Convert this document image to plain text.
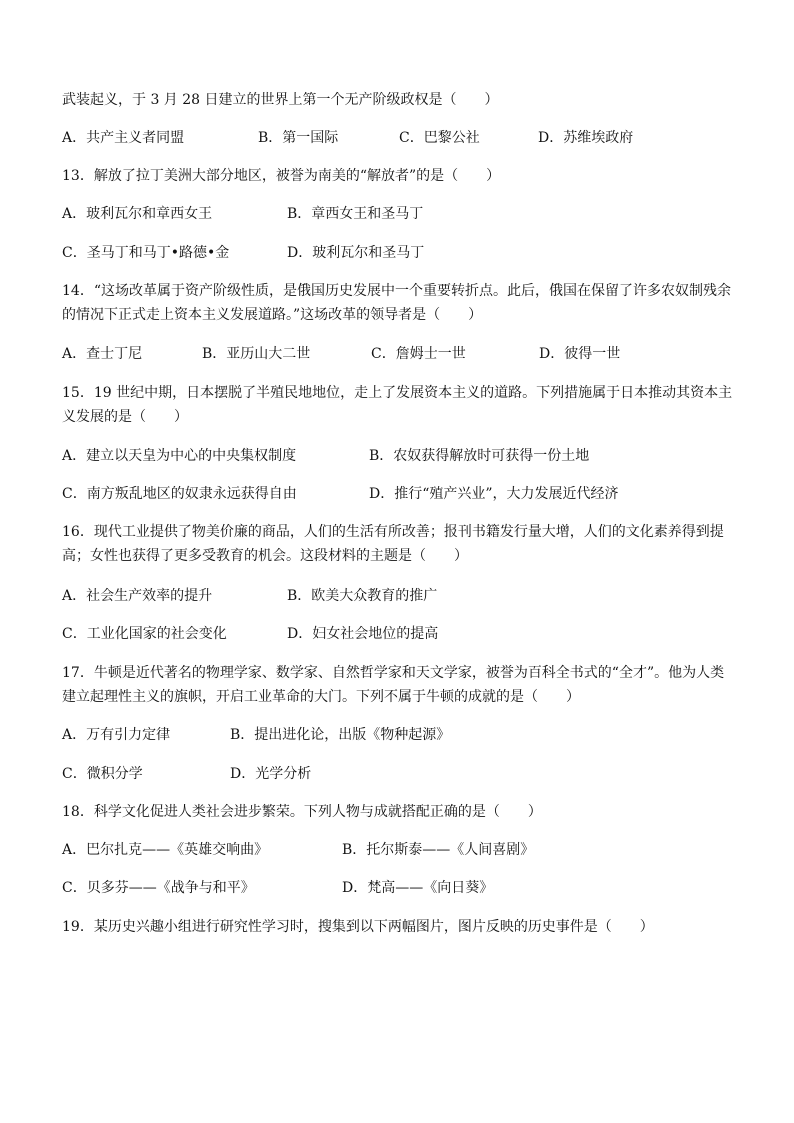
武装起义，于 3 月 28 日建立的世界上第一个无产阶级政权是（　　）
A．共产主义者同盟	B．第一国际	C．巴黎公社	D．苏维埃政府
13．解放了拉丁美洲大部分地区，被誉为南美的“解放者”的是（　　）
A．玻利瓦尔和章西女王	B．章西女王和圣马丁
C．圣马丁和马丁•路德•金	D．玻利瓦尔和圣马丁
14．“这场改革属于资产阶级性质，是俄国历史发展中一个重要转折点。此后，俄国在保留了许多农奴制残余
的情况下正式走上资本主义发展道路。”这场改革的领导者是（　　）
A．查士丁尼	B．亚历山大二世	C．詹姆士一世	D．彼得一世
15．19 世纪中期，日本摆脱了半殖民地地位，走上了发展资本主义的道路。下列措施属于日本推动其资本主
义发展的是（　　）
A．建立以天皇为中心的中央集权制度	B．农奴获得解放时可获得一份土地
C．南方叛乱地区的奴隶永远获得自由	D．推行“殖产兴业”，大力发展近代经济
16．现代工业提供了物美价廉的商品，人们的生活有所改善；报刊书籍发行量大增，人们的文化素养得到提
高；女性也获得了更多受教育的机会。这段材料的主题是（　　）
A．社会生产效率的提升	B．欧美大众教育的推广
C．工业化国家的社会变化	D．妇女社会地位的提高
17．牛顿是近代著名的物理学家、数学家、自然哲学家和天文学家，被誉为百科全书式的“全才”。他为人类
建立起理性主义的旗帜，开启工业革命的大门。下列不属于牛顿的成就的是（　　）
A．万有引力定律	B．提出进化论，出版《物种起源》
C．微积分学	D．光学分析
18．科学文化促进人类社会进步繁荣。下列人物与成就搭配正确的是（　　）
A．巴尔扎克——《英雄交响曲》	B．托尔斯泰——《人间喜剧》
C．贝多芬——《战争与和平》	D．梵高——《向日葵》
19．某历史兴趣小组进行研究性学习时，搜集到以下两幅图片，图片反映的历史事件是（　　）
